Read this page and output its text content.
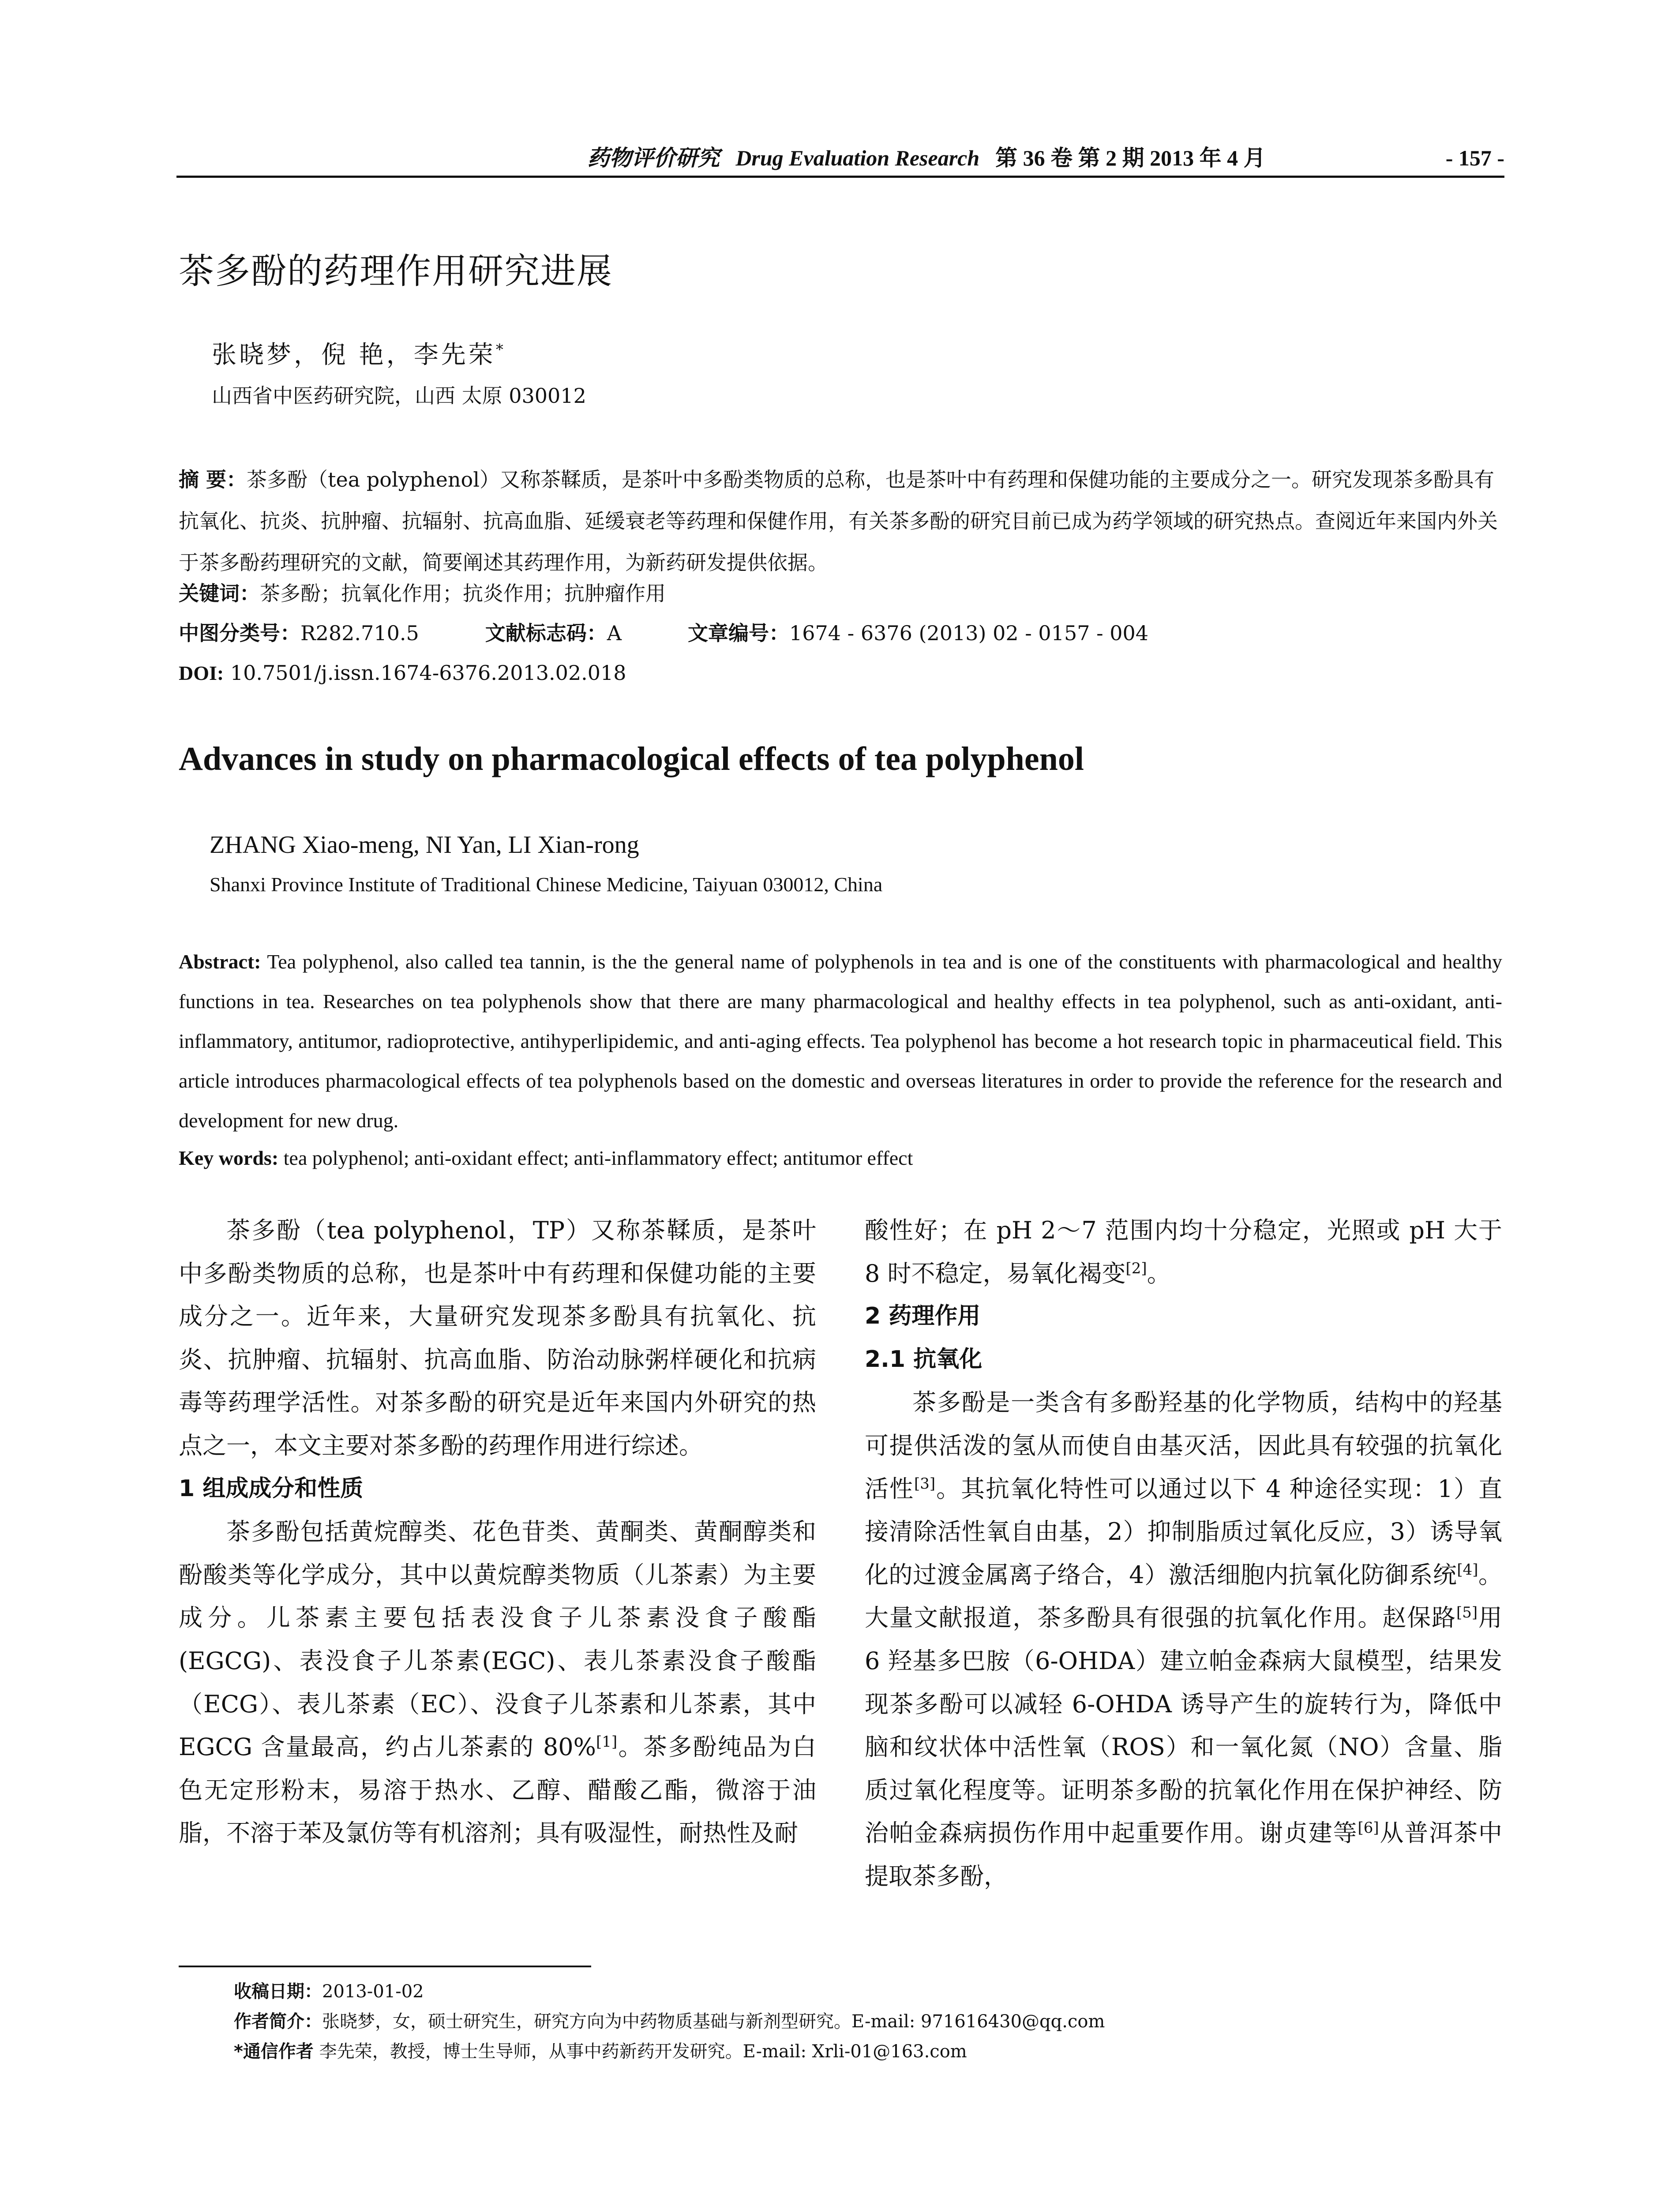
药物评价研究 Drug Evaluation Research 第 36 卷 第 2 期 2013 年 4 月	- 157 -
茶多酚的药理作用研究进展
张晓梦，倪 艳，李先荣*
山西省中医药研究院，山西 太原 030012
摘 要：茶多酚（tea polyphenol）又称茶鞣质，是茶叶中多酚类物质的总称，也是茶叶中有药理和保健功能的主要成分之一。研究发现茶多酚具有抗氧化、抗炎、抗肿瘤、抗辐射、抗高血脂、延缓衰老等药理和保健作用，有关茶多酚的研究目前已成为药学领域的研究热点。查阅近年来国内外关于茶多酚药理研究的文献，简要阐述其药理作用，为新药研发提供依据。
关键词：茶多酚；抗氧化作用；抗炎作用；抗肿瘤作用
中图分类号：R282.710.5	文献标志码：A	文章编号：1674 - 6376 (2013) 02 - 0157 - 004
DOI: 10.7501/j.issn.1674-6376.2013.02.018
Advances in study on pharmacological effects of tea polyphenol
ZHANG Xiao-meng, NI Yan, LI Xian-rong
Shanxi Province Institute of Traditional Chinese Medicine, Taiyuan 030012, China
Abstract: Tea polyphenol, also called tea tannin, is the the general name of polyphenols in tea and is one of the constituents with pharmacological and healthy functions in tea. Researches on tea polyphenols show that there are many pharmacological and healthy effects in tea polyphenol, such as anti-oxidant, anti-inflammatory, antitumor, radioprotective, antihyperlipidemic, and anti-aging effects. Tea polyphenol has become a hot research topic in pharmaceutical field. This article introduces pharmacological effects of tea polyphenols based on the domestic and overseas literatures in order to provide the reference for the research and development for new drug.
Key words: tea polyphenol; anti-oxidant effect; anti-inflammatory effect; antitumor effect

茶多酚（tea polyphenol，TP）又称茶鞣质，是茶叶中多酚类物质的总称，也是茶叶中有药理和保健功能的主要成分之一。近年来，大量研究发现茶多酚具有抗氧化、抗炎、抗肿瘤、抗辐射、抗高血脂、防治动脉粥样硬化和抗病毒等药理学活性。对茶多酚的研究是近年来国内外研究的热点之一，本文主要对茶多酚的药理作用进行综述。

1 组成成分和性质

茶多酚包括黄烷醇类、花色苷类、黄酮类、黄酮醇类和酚酸类等化学成分，其中以黄烷醇类物质（儿茶素）为主要成分。儿茶素主要包括表没食子儿茶素没食子酸酯(EGCG)、表没食子儿茶素(EGC)、表儿茶素没食子酸酯（ECG）、表儿茶素（EC）、没食子儿茶素和儿茶素，其中 EGCG 含量最高，约占儿茶素的 80%[1]。茶多酚纯品为白色无定形粉末，易溶于热水、乙醇、醋酸乙酯，微溶于油脂，不溶于苯及氯仿等有机溶剂；具有吸湿性，耐热性及耐

酸性好；在 pH 2～7 范围内均十分稳定，光照或 pH 大于 8 时不稳定，易氧化褐变[2]。

2 药理作用
2.1 抗氧化

茶多酚是一类含有多酚羟基的化学物质，结构中的羟基可提供活泼的氢从而使自由基灭活，因此具有较强的抗氧化活性[3]。其抗氧化特性可以通过以下 4 种途径实现：1）直接清除活性氧自由基，2）抑制脂质过氧化反应，3）诱导氧化的过渡金属离子络合，4）激活细胞内抗氧化防御系统[4]。大量文献报道，茶多酚具有很强的抗氧化作用。赵保路[5]用 6 羟基多巴胺（6-OHDA）建立帕金森病大鼠模型，结果发现茶多酚可以减轻 6-OHDA 诱导产生的旋转行为，降低中脑和纹状体中活性氧（ROS）和一氧化氮（NO）含量、脂质过氧化程度等。证明茶多酚的抗氧化作用在保护神经、防治帕金森病损伤作用中起重要作用。谢贞建等[6]从普洱茶中提取茶多酚，

收稿日期：2013-01-02
作者简介：张晓梦，女，硕士研究生，研究方向为中药物质基础与新剂型研究。E-mail: 971616430@qq.com
*通信作者 李先荣，教授，博士生导师，从事中药新药开发研究。E-mail: Xrli-01@163.com
